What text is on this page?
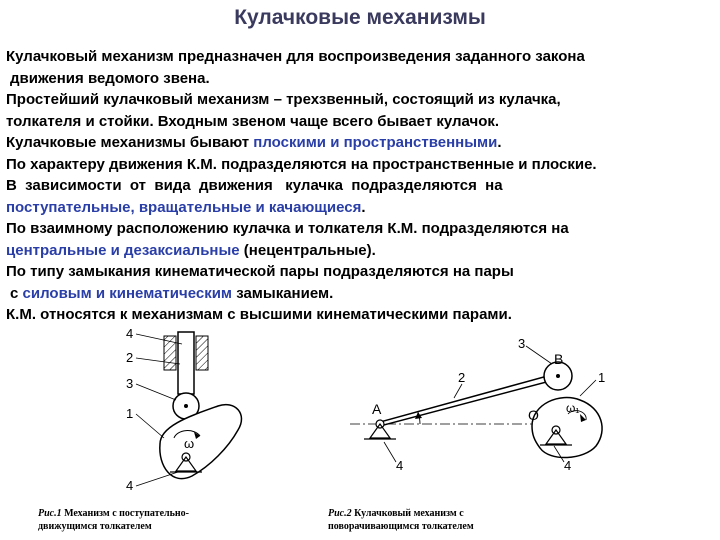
Кулачковые механизмы
Кулачковый механизм предназначен для воспроизведения заданного закона
движения ведомого звена.
Простейший кулачковый механизм – трехзвенный, состоящий из кулачка,
толкателя и стойки. Входным звеном чаще всего бывает кулачок.
Кулачковые механизмы бывают плоскими и пространственными.
По характеру движения К.М. подразделяются на пространственные и плоские.
В  зависимости  от  вида  движения   кулачка  подразделяются  на
поступательные, вращательные и качающиеся.
По взаимному расположению кулачка и толкателя К.М. подразделяются на
центральные и дезаксиальные (нецентральные).
По типу замыкания кинематической пары подразделяются на пары
с силовым и кинематическим замыканием.
К.М. относятся к механизмам с высшими кинематическими парами.
4
2
3
1
ω
4
3
B
2	1
A	O ω₁
4	4
Рис.1 Механизм с поступательно-
движущимся толкателем
Рис.2 Кулачковый механизм с
поворачивающимся толкателем
